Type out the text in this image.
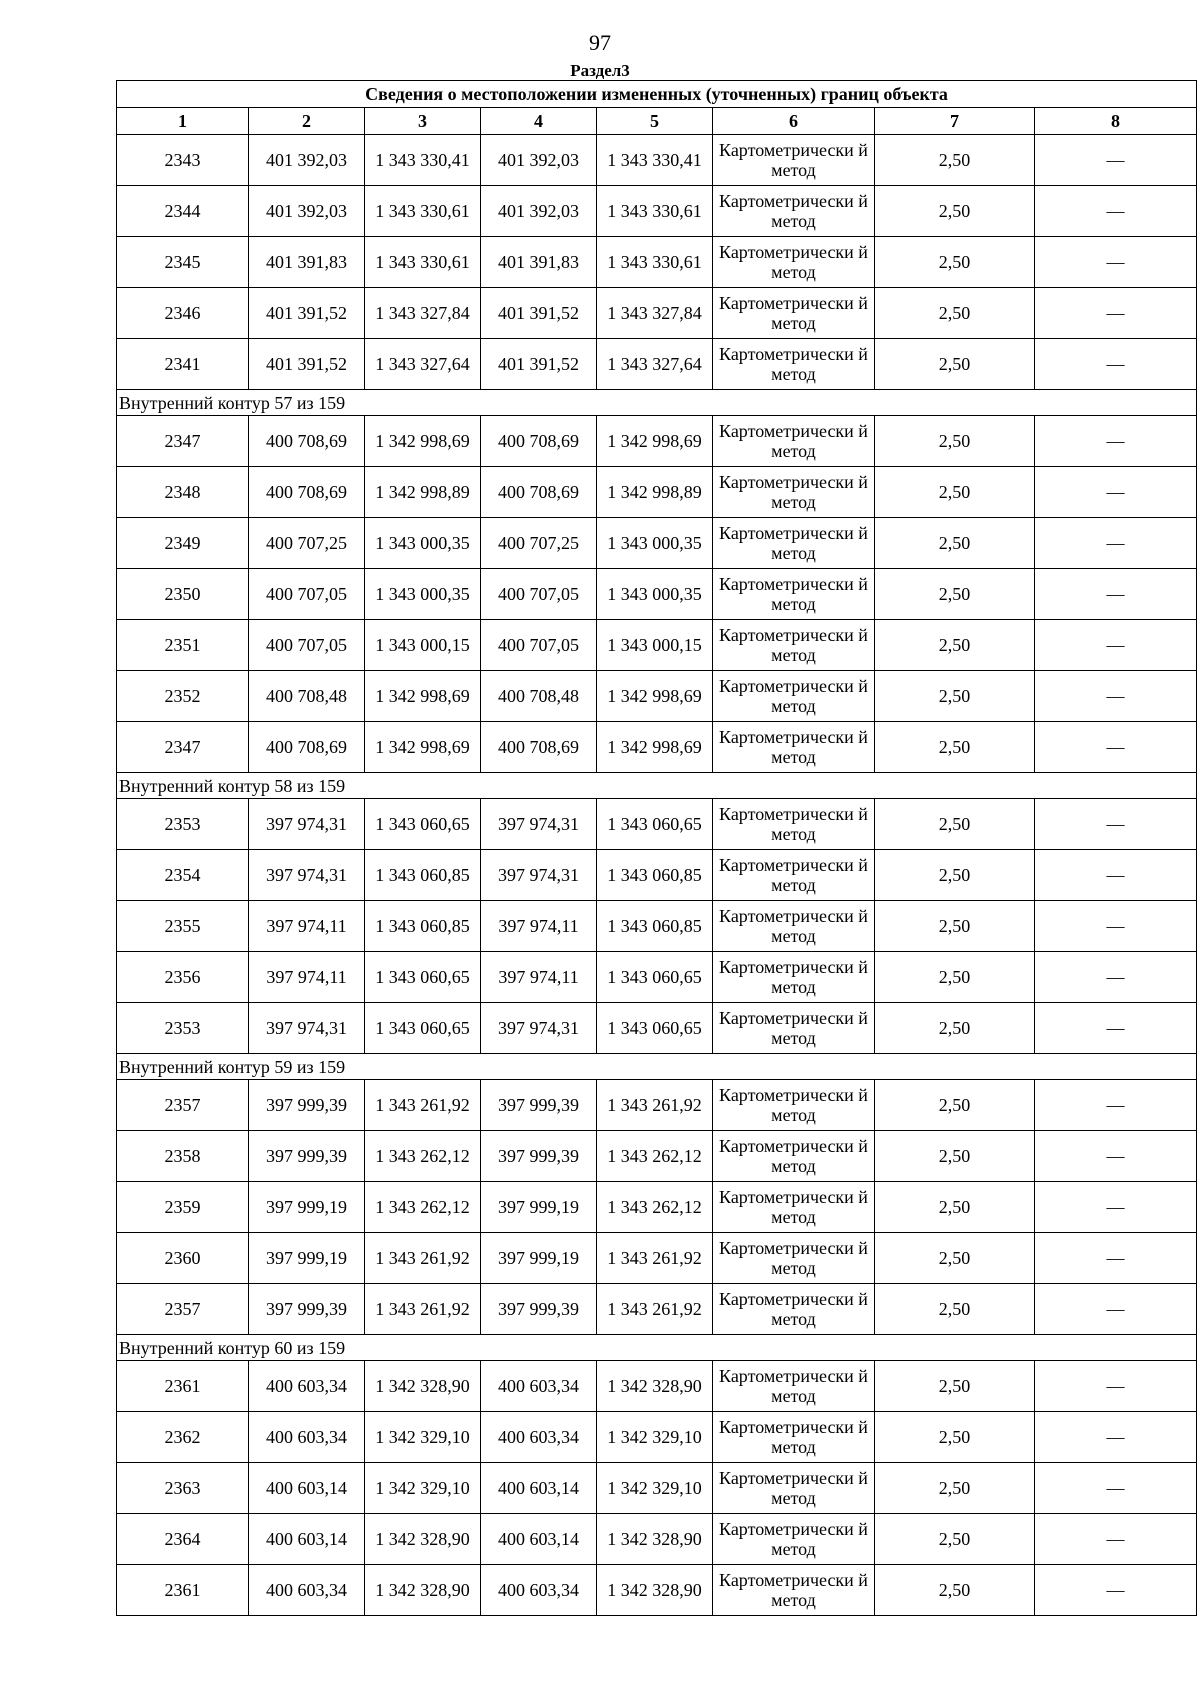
97
Раздел3
Сведения о местоположении измененных (уточненных) границ объекта							
1	2	3	4	5	6	7	8
2343	401 392,03	1 343 330,41	401 392,03	1 343 330,41	Картометрически й метод	2,50	—
2344	401 392,03	1 343 330,61	401 392,03	1 343 330,61	Картометрически й метод	2,50	—
2345	401 391,83	1 343 330,61	401 391,83	1 343 330,61	Картометрически й метод	2,50	—
2346	401 391,52	1 343 327,84	401 391,52	1 343 327,84	Картометрически й метод	2,50	—
2341	401 391,52	1 343 327,64	401 391,52	1 343 327,64	Картометрически й метод	2,50	—
Внутренний контур 57 из 159							
2347	400 708,69	1 342 998,69	400 708,69	1 342 998,69	Картометрически й метод	2,50	—
2348	400 708,69	1 342 998,89	400 708,69	1 342 998,89	Картометрически й метод	2,50	—
2349	400 707,25	1 343 000,35	400 707,25	1 343 000,35	Картометрически й метод	2,50	—
2350	400 707,05	1 343 000,35	400 707,05	1 343 000,35	Картометрически й метод	2,50	—
2351	400 707,05	1 343 000,15	400 707,05	1 343 000,15	Картометрически й метод	2,50	—
2352	400 708,48	1 342 998,69	400 708,48	1 342 998,69	Картометрически й метод	2,50	—
2347	400 708,69	1 342 998,69	400 708,69	1 342 998,69	Картометрически й метод	2,50	—
Внутренний контур 58 из 159							
2353	397 974,31	1 343 060,65	397 974,31	1 343 060,65	Картометрически й метод	2,50	—
2354	397 974,31	1 343 060,85	397 974,31	1 343 060,85	Картометрически й метод	2,50	—
2355	397 974,11	1 343 060,85	397 974,11	1 343 060,85	Картометрически й метод	2,50	—
2356	397 974,11	1 343 060,65	397 974,11	1 343 060,65	Картометрически й метод	2,50	—
2353	397 974,31	1 343 060,65	397 974,31	1 343 060,65	Картометрически й метод	2,50	—
Внутренний контур 59 из 159							
2357	397 999,39	1 343 261,92	397 999,39	1 343 261,92	Картометрически й метод	2,50	—
2358	397 999,39	1 343 262,12	397 999,39	1 343 262,12	Картометрически й метод	2,50	—
2359	397 999,19	1 343 262,12	397 999,19	1 343 262,12	Картометрически й метод	2,50	—
2360	397 999,19	1 343 261,92	397 999,19	1 343 261,92	Картометрически й метод	2,50	—
2357	397 999,39	1 343 261,92	397 999,39	1 343 261,92	Картометрически й метод	2,50	—
Внутренний контур 60 из 159							
2361	400 603,34	1 342 328,90	400 603,34	1 342 328,90	Картометрически й метод	2,50	—
2362	400 603,34	1 342 329,10	400 603,34	1 342 329,10	Картометрически й метод	2,50	—
2363	400 603,14	1 342 329,10	400 603,14	1 342 329,10	Картометрически й метод	2,50	—
2364	400 603,14	1 342 328,90	400 603,14	1 342 328,90	Картометрически й метод	2,50	—
2361	400 603,34	1 342 328,90	400 603,34	1 342 328,90	Картометрически й метод	2,50	—
